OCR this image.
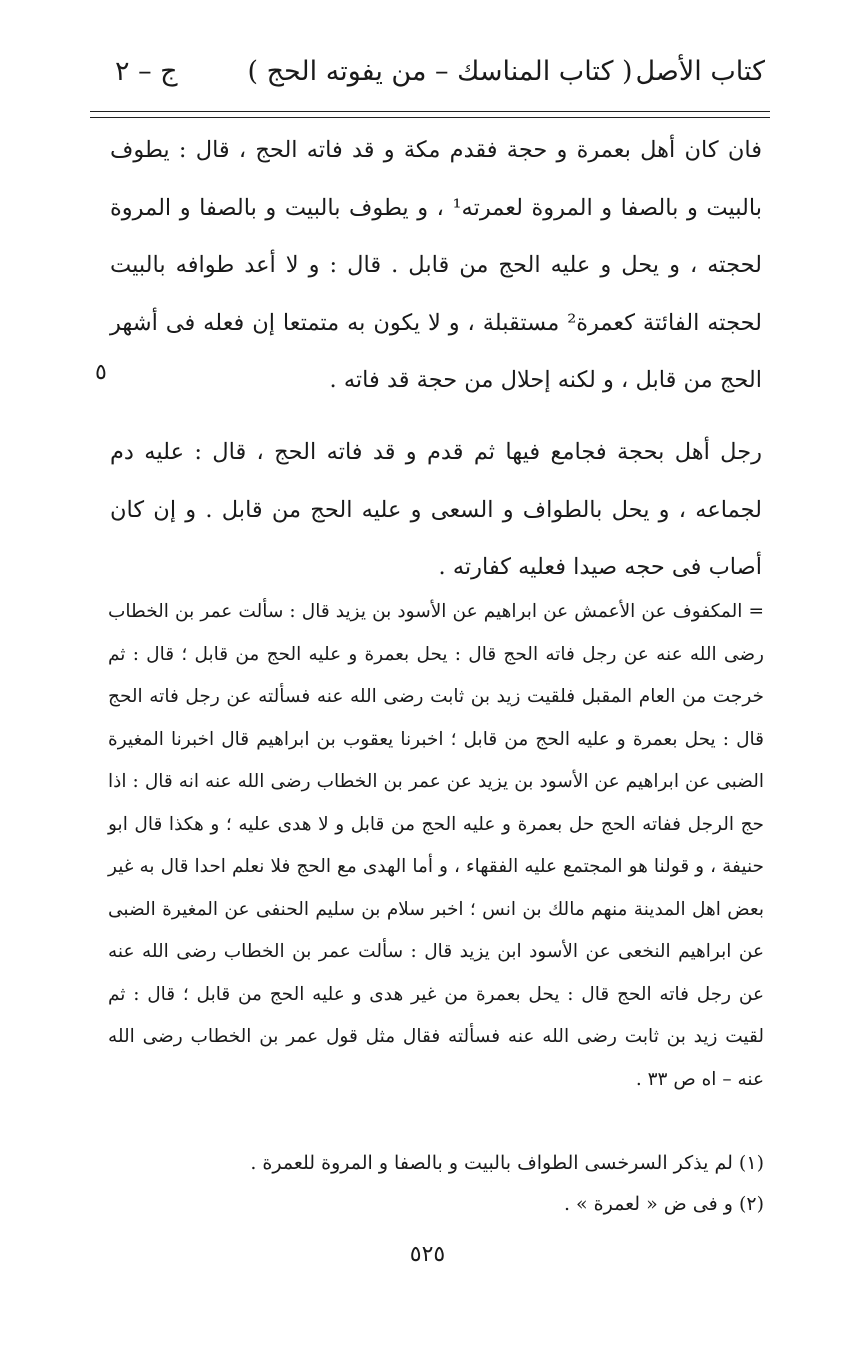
كتاب الأصل
( كتاب المناسك – من يفوته الحج )
ج – ٢

فان كان أهل بعمرة و حجة فقدم مكة و قد فاته الحج ، قال : يطوف بالبيت و بالصفا و المروة لعمرته¹ ، و يطوف بالبيت و بالصفا و المروة لحجته ، و يحل و عليه الحج من قابل . قال : و لا أعد طوافه بالبيت لحجته الفائتة كعمرة² مستقبلة ، و لا يكون به متمتعا إن فعله فى أشهر الحج من قابل ، و لكنه إحلال من حجة قد فاته .

رجل أهل بحجة فجامع فيها ثم قدم و قد فاته الحج ، قال : عليه دم لجماعه ، و يحل بالطواف و السعى و عليه الحج من قابل . و إن كان أصاب فى حجه صيدا فعليه كفارته .

٥

= المكفوف عن الأعمش عن ابراهيم عن الأسود بن يزيد قال : سألت عمر بن الخطاب رضى الله عنه عن رجل فاته الحج قال : يحل بعمرة و عليه الحج من قابل ؛ قال : ثم خرجت من العام المقبل فلقيت زيد بن ثابت رضى الله عنه فسألته عن رجل فاته الحج قال : يحل بعمرة و عليه الحج من قابل ؛ اخبرنا يعقوب بن ابراهيم قال اخبرنا المغيرة الضبى عن ابراهيم عن الأسود بن يزيد عن عمر بن الخطاب رضى الله عنه انه قال : اذا حج الرجل ففاته الحج حل بعمرة و عليه الحج من قابل و لا هدى عليه ؛ و هكذا قال ابو حنيفة ، و قولنا هو المجتمع عليه الفقهاء ، و أما الهدى مع الحج فلا نعلم احدا قال به غير بعض اهل المدينة منهم مالك بن انس ؛ اخبر سلام بن سليم الحنفى عن المغيرة الضبى عن ابراهيم النخعى عن الأسود ابن يزيد قال : سألت عمر بن الخطاب رضى الله عنه عن رجل فاته الحج قال : يحل بعمرة من غير هدى و عليه الحج من قابل ؛ قال : ثم لقيت زيد بن ثابت رضى الله عنه فسألته فقال مثل قول عمر بن الخطاب رضى الله عنه – اه ص ٣٣ .

(١) لم يذكر السرخسى الطواف بالبيت و بالصفا و المروة للعمرة .

(٢) و فى ض « لعمرة » .

٥٢٥
